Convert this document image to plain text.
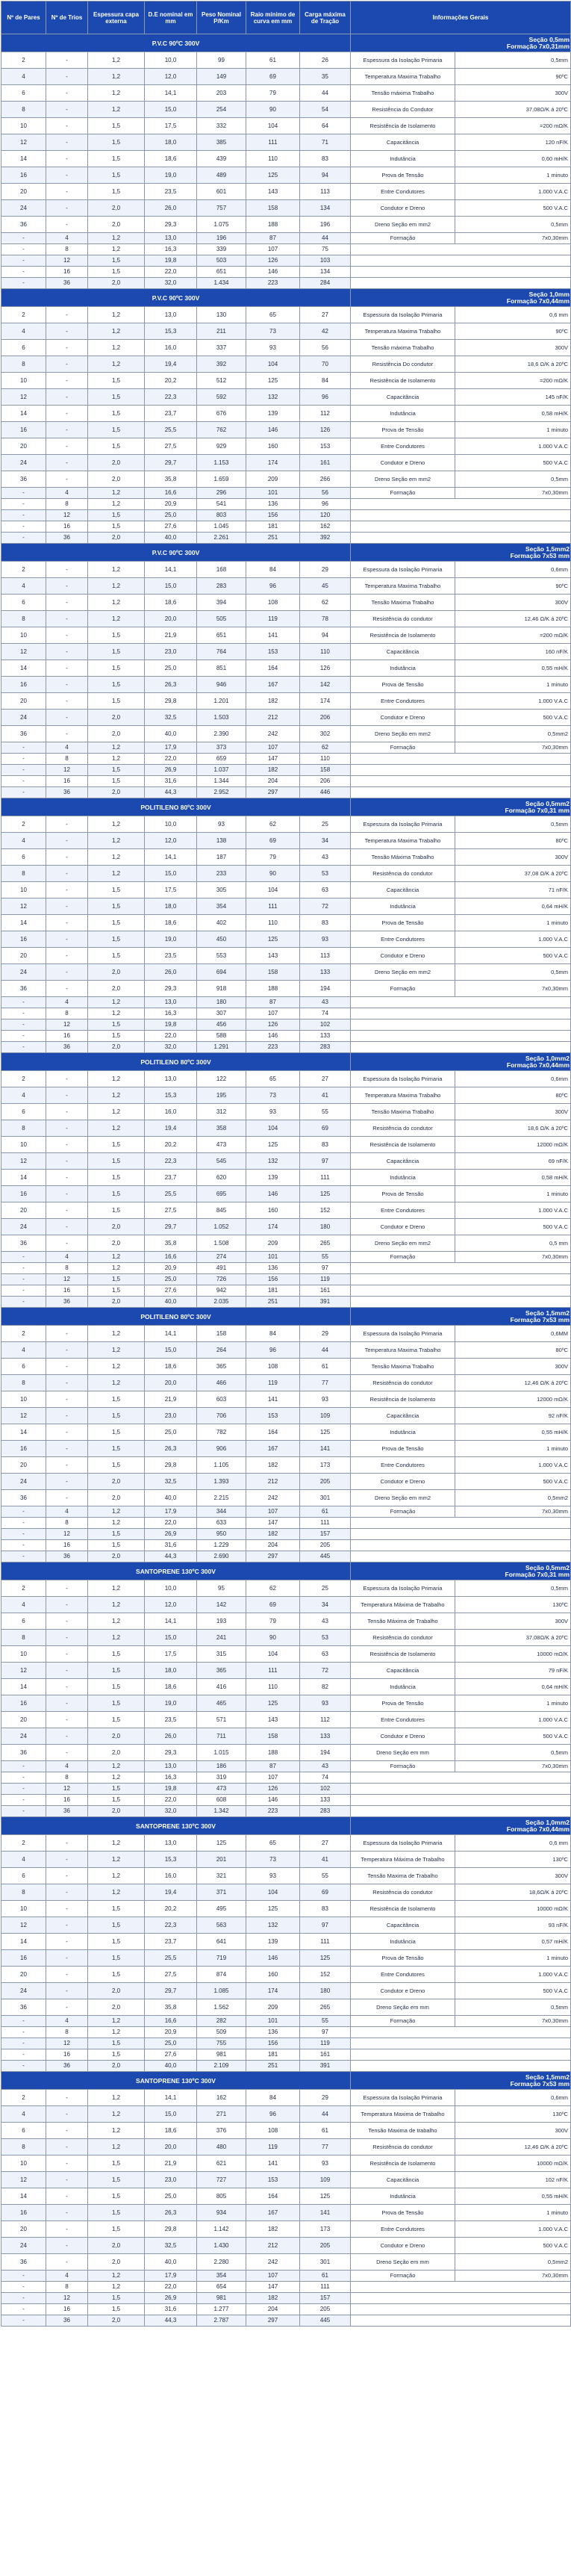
Nº de Pares	Nº de Trios	Espessura capa externa	D.E nominal em mm	Peso Nominal P/Km	Raio mínimo de curva em mm	Carga máxima de Tração	Informações Gerais	
P.V.C 90ºC 300V							Seção 0,5mm
Formação 7x0,31mm	
2	-	1,2	10,0	99	61	26	Espessura da Isolação Primaria	0,5mm
4	-	1,2	12,0	149	69	35	Temperatura Maxima Trabalho	90ºC
6	-	1,2	14,1	203	79	44	Tensão máxima Trabalho	300V
8	-	1,2	15,0	254	90	54	Resistência do Condutor	37,08Ω/K á 20ºC
10	-	1,5	17,5	332	104	64	Resistência de Isolamento	=200 mΩ/K
12	-	1,5	18,0	385	111	71	Capacitância	120 nF/K
14	-	1,5	18,6	439	110	83	Indutância	0,60 mH/K
16	-	1,5	19,0	489	125	94	Prova de Tensão	1 minuto
20	-	1,5	23,5	601	143	113	Entre Condutores	1.000 V.A.C
24	-	2,0	26,0	757	158	134	Condutor e Dreno	500 V.A.C
36	-	2,0	29,3	1.075	188	196	Dreno Seção em mm2	0,5mm
-	4	1,2	13,0	196	87	44	Formação	7x0,30mm
-	8	1,2	16,3	339	107	75		
-	12	1,5	19,8	503	126	103		
-	16	1,5	22,0	651	146	134		
-	36	2,0	32,0	1.434	223	284		
P.V.C 90ºC 300V							Seção 1,0mm
Formação 7x0,44mm	
2	-	1,2	13,0	130	65	27	Espessura da Isolação Primaria	0,6 mm
4	-	1,2	15,3	211	73	42	Temperatura Maxima Trabalho	90ºC
6	-	1,2	16,0	337	93	56	Tensão máxima Trabalho	300V
8	-	1,2	19,4	392	104	70	Resistência Do condutor	18,6 Ω/K á 20ºC
10	-	1,5	20,2	512	125	84	Resistência de Isolamento	=200 mΩ/K
12	-	1,5	22,3	592	132	96	Capacitância	145 nF/K
14	-	1,5	23,7	676	139	112	Indutância	0,58 mH/K
16	-	1,5	25,5	762	146	126	Prova de Tensão	1 minuto
20	-	1,5	27,5	929	160	153	Entre Condutores	1.000 V.A.C
24	-	2,0	29,7	1.153	174	161	Condutor e Dreno	500 V.A.C
36	-	2,0	35,8	1.659	209	266	Dreno Seção em mm2	0,5mm
-	4	1,2	16,6	296	101	56	Formação	7x0,30mm
-	8	1,2	20,9	541	136	96		
-	12	1,5	25,0	803	156	120		
-	16	1,5	27,6	1.045	181	162		
-	36	2,0	40,0	2.261	251	392		
P.V.C 90ºC 300V							Seção 1,5mm2
Formação 7x53 mm	
2	-	1,2	14,1	168	84	29	Espessura da Isolação Primaria	0,6mm
4	-	1,2	15,0	283	96	45	Temperatura Maxima Trabalho	90ºC
6	-	1,2	18,6	394	108	62	Tensão Maxima Trabalho	300V
8	-	1,2	20,0	505	119	78	Resistência do condutor	12,46 Ω/K á 20ºC
10	-	1,5	21,9	651	141	94	Resistência de Isolamento	=200 mΩ/K
12	-	1,5	23,0	764	153	110	Capacitância	160 nF/K
14	-	1,5	25,0	851	164	126	Indutância	0,55 mH/K
16	-	1,5	26,3	946	167	142	Prova de Tensão	1 minuto
20	-	1,5	29,8	1.201	182	174	Entre Condutores	1.000 V.A.C
24	-	2,0	32,5	1.503	212	206	Condutor e Dreno	500 V.A.C
36	-	2,0	40,0	2.390	242	302	Dreno Seção em mm2	0,5mm2
-	4	1,2	17,9	373	107	62	Formação	7x0,30mm
-	8	1,2	22,0	659	147	110		
-	12	1,5	26,9	1.037	182	158		
-	16	1,5	31,6	1.344	204	206		
-	36	2,0	44,3	2.952	297	446		
POLITILENO 80ºC 300V							Seção 0,5mm2
Formação 7x0,31 mm	
2	-	1,2	10,0	93	62	25	Espessura da Isolação Primaria	0,5mm
4	-	1,2	12,0	138	69	34	Temperatura Maxima Trabalho	80ºC
6	-	1,2	14,1	187	79	43	Tensão Máxima Trabalho	300V
8	-	1,2	15,0	233	90	53	Resistência do condutor	37,08 Ω/K á 20ºC
10	-	1,5	17,5	305	104	63	Capacitância	71 nF/K
12	-	1,5	18,0	354	111	72	Indutância	0,64 mH/K
14	-	1,5	18,6	402	110	83	Prova de Tensão	1 minuto
16	-	1,5	19,0	450	125	93	Entre Condutores	1.000 V.A.C
20	-	1,5	23,5	553	143	113	Condutor e Dreno	500 V.A.C
24	-	2,0	26,0	694	158	133	Dreno Seção em mm2	0,5mm
36	-	2,0	29,3	918	188	194	Formação	7x0,30mm
-	4	1,2	13,0	180	87	43		
-	8	1,2	16,3	307	107	74		
-	12	1,5	19,8	456	126	102		
-	16	1,5	22,0	588	146	133		
-	36	2,0	32,0	1.291	223	283		
POLITILENO 80ºC 300V							Seção 1,0mm2
Formação 7x0,44mm	
2	-	1,2	13,0	122	65	27	Espessura da Isolação Primaria	0,6mm
4	-	1,2	15,3	195	73	41	Temperatura Maxima Trabalho	80ºC
6	-	1,2	16,0	312	93	55	Tensão Maxima Trabalho	300V
8	-	1,2	19,4	358	104	69	Resistência do condutor	18,6 Ω/K á 20ºC
10	-	1,5	20,2	473	125	83	Resistência de Isolamento	12000 mΩ/K
12	-	1,5	22,3	545	132	97	Capacitância	69 nF/K
14	-	1,5	23,7	620	139	111	Indutância	0,58 mH/K
16	-	1,5	25,5	695	146	125	Prova de Tensão	1 minuto
20	-	1,5	27,5	845	160	152	Entre Condutores	1.000 V.A.C
24	-	2,0	29,7	1.052	174	180	Condutor e Dreno	500 V.A.C
36	-	2,0	35,8	1.508	209	265	Dreno Seção em mm2	0,5 mm
-	4	1,2	16,6	274	101	55	Formação	7x0,30mm
-	8	1,2	20,9	491	136	97		
-	12	1,5	25,0	726	156	119		
-	16	1,5	27,6	942	181	161		
-	36	2,0	40,0	2.035	251	391		
POLITILENO 80ºC 300V							Seção 1,5mm2
Formação 7x53 mm	
2	-	1,2	14,1	158	84	29	Espessura da Isolação Primaria	0,6MM
4	-	1,2	15,0	264	96	44	Temperatura Maxima Trabalho	80ºC
6	-	1,2	18,6	365	108	61	Tensão Maxima Trabalho	300V
8	-	1,2	20,0	466	119	77	Resistência do condutor	12,46 Ω/K á 20ºC
10	-	1,5	21,9	603	141	93	Resistência de Isolamento	12000 mΩ/K
12	-	1,5	23,0	706	153	109	Capacitância	92 nF/K
14	-	1,5	25,0	782	164	125	Indutância	0,55 mH/K
16	-	1,5	26,3	906	167	141	Prova de Tensão	1 minuto
20	-	1,5	29,8	1.105	182	173	Entre Condutores	1.000 V.A.C
24	-	2,0	32,5	1.393	212	205	Condutor e Dreno	500 V.A.C
36	-	2,0	40,0	2.215	242	301	Dreno Seção em mm2	0,5mm2
-	4	1,2	17,9	344	107	61	Formação	7x0,30mm
-	8	1,2	22,0	633	147	111		
-	12	1,5	26,9	950	182	157		
-	16	1,5	31,6	1.229	204	205		
-	36	2,0	44,3	2.690	297	445		
SANTOPRENE 130ºC 300V							Seção 0,5mm2
Formação 7x0,31 mm	
2	-	1,2	10,0	95	62	25	Espessura da Isolação Primaria	0,5mm
4	-	1,2	12,0	142	69	34	Temperatura Máxima de Trabalho	130ºC
6	-	1,2	14,1	193	79	43	Tensão Máxima de Trabalho	300V
8	-	1,2	15,0	241	90	53	Resistência do condutor	37,08Ω/K á 20ºC
10	-	1,5	17,5	315	104	63	Resistência de Isolamento	10000 mΩ/K
12	-	1,5	18,0	365	111	72	Capacitância	79 nF/K
14	-	1,5	18,6	416	110	82	Indutância	0,64 mH/K
16	-	1,5	19,0	465	125	93	Prova de Tensão	1 minuto
20	-	1,5	23,5	571	143	112	Entre Condutores	1.000 V.A.C
24	-	2,0	26,0	711	158	133	Condutor e Dreno	500 V.A.C
36	-	2,0	29,3	1.015	188	194	Dreno Seção em mm	0,5mm
-	4	1,2	13,0	186	87	43	Formação	7x0,30mm
-	8	1,2	16,3	319	107	74		
-	12	1,5	19,8	473	126	102		
-	16	1,5	22,0	608	146	133		
-	36	2,0	32,0	1.342	223	283		
SANTOPRENE 130ºC 300V							Seção 1,0mm2
Formação 7x0,44mm	
2	-	1,2	13,0	125	65	27	Espessura da Isolação Primaria	0,6 mm
4	-	1,2	15,3	201	73	41	Temperatura Máxima de Trabalho	130ºC
6	-	1,2	16,0	321	93	55	Tensão Maxima de Trabalho	300V
8	-	1,2	19,4	371	104	69	Resistência do condutor	18,6Ω/K á 20ºC
10	-	1,5	20,2	495	125	83	Resistência de Isolamento	10000 mΩ/K
12	-	1,5	22,3	563	132	97	Capacitância	93 nF/K
14	-	1,5	23,7	641	139	111	Indutância	0,57 mH/K
16	-	1,5	25,5	719	146	125	Prova de Tensão	1 minuto
20	-	1,5	27,5	874	160	152	Entre Condutores	1.000 V.A.C
24	-	2,0	29,7	1.085	174	180	Condutor e Dreno	500 V.A.C
36	-	2,0	35,8	1.562	209	265	Dreno Seção em mm	0,5mm
-	4	1,2	16,6	282	101	55	Formação	7x0,30mm
-	8	1,2	20,9	509	136	97		
-	12	1,5	25,0	755	156	119		
-	16	1,5	27,6	981	181	161		
-	36	2,0	40,0	2.109	251	391		
SANTOPRENE 130ºC 300V							Seção 1,5mm2
Formação 7x53 mm	
2	-	1,2	14,1	162	84	29	Espessura da Isolação Primaria	0,6mm
4	-	1,2	15,0	271	96	44	Temperatura Maxima de Trabalho	130ºC
6	-	1,2	18,6	376	108	61	Tensão Maxima de trabalho	300V
8	-	1,2	20,0	480	119	77	Resistência do condutor	12,46 Ω/K á 20ºC
10	-	1,5	21,9	621	141	93	Resistência de Isolamento	10000 mΩ/K
12	-	1,5	23,0	727	153	109	Capacitância	102 nF/K
14	-	1,5	25,0	805	164	125	Indutância	0,55 mH/K
16	-	1,5	26,3	934	167	141	Prova de Tensão	1 minuto
20	-	1,5	29,8	1.142	182	173	Entre Condutores	1.000 V.A.C
24	-	2,0	32,5	1.430	212	205	Condutor e Dreno	500 V.A.C
36	-	2,0	40,0	2.280	242	301	Dreno Seção em mm	0,5mm2
-	4	1,2	17,9	354	107	61	Formação	7x0,30mm
-	8	1,2	22,0	654	147	111		
-	12	1,5	26,9	981	182	157		
-	16	1,5	31,6	1.277	204	205		
-	36	2,0	44,3	2.787	297	445		
